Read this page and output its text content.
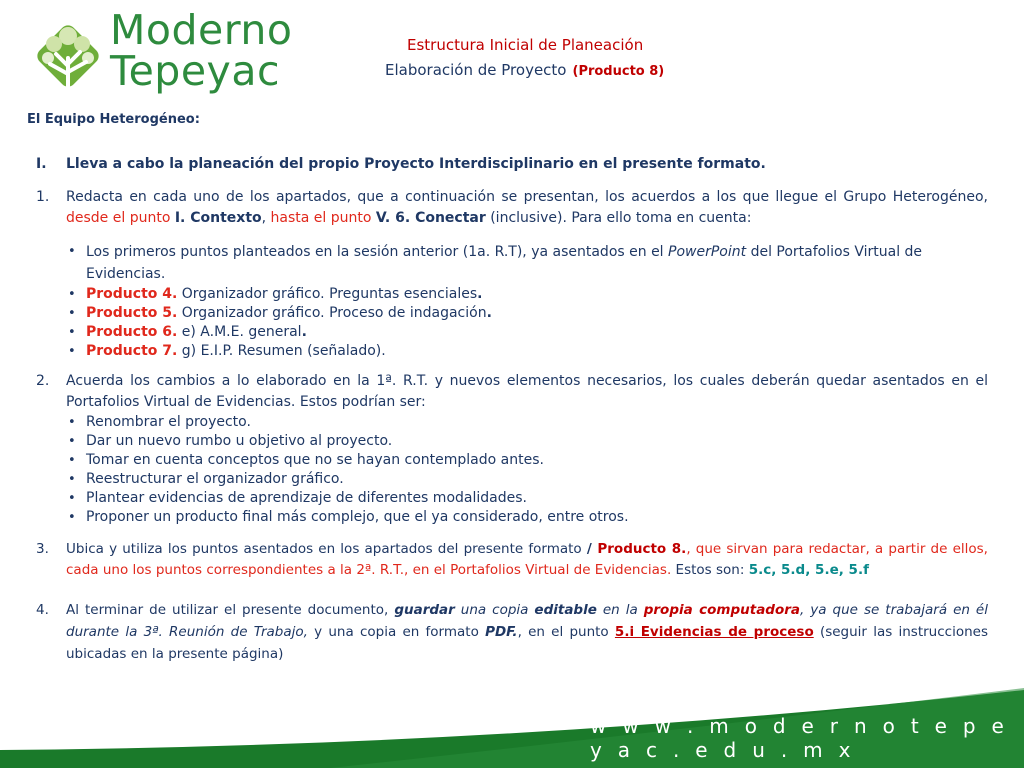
Moderno
Tepeyac
Estructura Inicial de Planeación
Elaboración de Proyecto (Producto 8)
El Equipo Heterogéneo:
I. Lleva a cabo la planeación del propio Proyecto Interdisciplinario en el presente formato.
1. Redacta en cada uno de los apartados, que a continuación se presentan, los acuerdos a los que llegue el Grupo Heterogéneo, desde el punto I. Contexto, hasta el punto V. 6. Conectar (inclusive). Para ello toma en cuenta:
• Los primeros puntos planteados en la sesión anterior (1a. R.T), ya asentados en el PowerPoint del Portafolios Virtual de
Evidencias.
• Producto 4. Organizador gráfico. Preguntas esenciales.
• Producto 5. Organizador gráfico. Proceso de indagación.
• Producto 6. e) A.M.E. general.
• Producto 7. g) E.I.P. Resumen (señalado).
2. Acuerda los cambios a lo elaborado en la 1ª. R.T. y nuevos elementos necesarios, los cuales deberán quedar asentados en el Portafolios Virtual de Evidencias. Estos podrían ser:
• Renombrar el proyecto.
• Dar un nuevo rumbo u objetivo al proyecto.
• Tomar en cuenta conceptos que no se hayan contemplado antes.
• Reestructurar el organizador gráfico.
• Plantear evidencias de aprendizaje de diferentes modalidades.
• Proponer un producto final más complejo, que el ya considerado, entre otros.
3. Ubica y utiliza los puntos asentados en los apartados del presente formato / Producto 8., que sirvan para redactar, a partir de ellos, cada uno los puntos correspondientes a la 2ª. R.T., en el Portafolios Virtual de Evidencias. Estos son: 5.c, 5.d, 5.e, 5.f
4. Al terminar de utilizar el presente documento, guardar una copia editable en la propia computadora, ya que se trabajará en él durante la 3ª. Reunión de Trabajo, y una copia en formato PDF., en el punto 5.i Evidencias de proceso (seguir las instrucciones ubicadas en la presente página)
w w w . m o d e r n o t e p e y a c . e d u . m x
